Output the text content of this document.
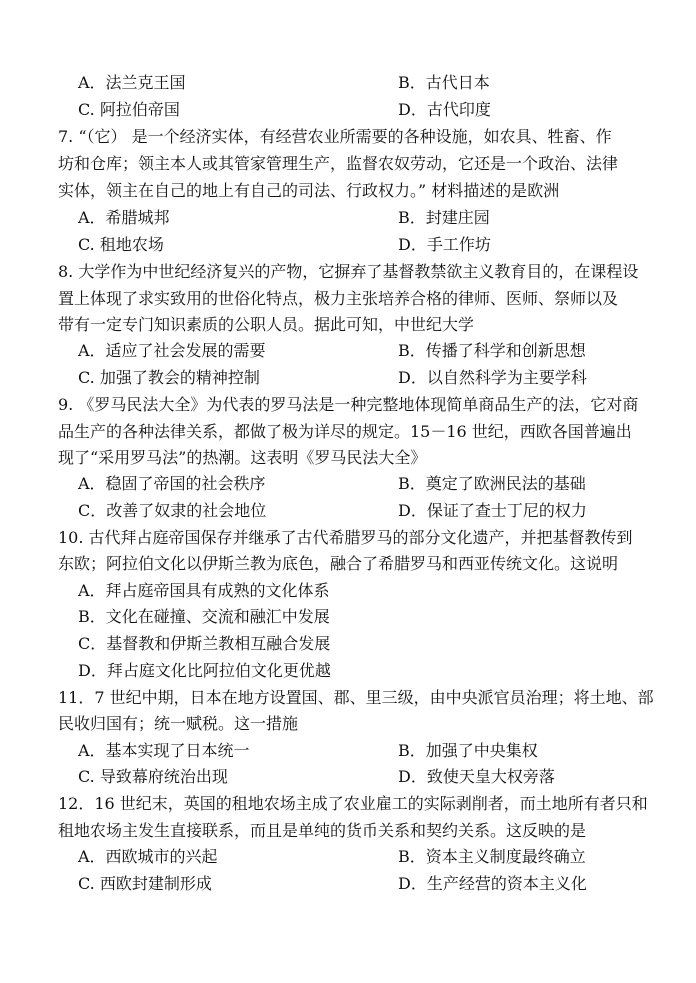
A．法兰克王国	B．古代日本
C. 阿拉伯帝国	D．古代印度
7. “（它） 是一个经济实体，有经营农业所需要的各种设施，如农具、牲畜、作
坊和仓库；领主本人或其管家管理生产，监督农奴劳动，它还是一个政治、法律
实体，领主在自己的地上有自己的司法、行政权力。” 材料描述的是欧洲
A．希腊城邦	B．封建庄园
C. 租地农场	D．手工作坊
8. 大学作为中世纪经济复兴的产物，它摒弃了基督教禁欲主义教育目的，在课程设
置上体现了求实致用的世俗化特点，极力主张培养合格的律师、医师、祭师以及
带有一定专门知识素质的公职人员。据此可知，中世纪大学
A．适应了社会发展的需要	B．传播了科学和创新思想
C. 加强了教会的精神控制	D．以自然科学为主要学科
9. 《罗马民法大全》为代表的罗马法是一种完整地体现简单商品生产的法，它对商
品生产的各种法律关系，都做了极为详尽的规定。15－16 世纪，西欧各国普遍出
现了“采用罗马法”的热潮。这表明《罗马民法大全》
A．稳固了帝国的社会秩序	B．奠定了欧洲民法的基础
C．改善了奴隶的社会地位	D．保证了查士丁尼的权力
10. 古代拜占庭帝国保存并继承了古代希腊罗马的部分文化遗产，并把基督教传到
东欧；阿拉伯文化以伊斯兰教为底色，融合了希腊罗马和西亚传统文化。这说明
A．拜占庭帝国具有成熟的文化体系
B．文化在碰撞、交流和融汇中发展
C．基督教和伊斯兰教相互融合发展
D．拜占庭文化比阿拉伯文化更优越
11．7 世纪中期，日本在地方设置国、郡、里三级，由中央派官员治理；将土地、部
民收归国有；统一赋税。这一措施
A．基本实现了日本统一	B．加强了中央集权
C. 导致幕府统治出现	D．致使天皇大权旁落
12．16 世纪末，英国的租地农场主成了农业雇工的实际剥削者，而土地所有者只和
租地农场主发生直接联系，而且是单纯的货币关系和契约关系。这反映的是
A．西欧城市的兴起	B．资本主义制度最终确立
C. 西欧封建制形成	D．生产经营的资本主义化
